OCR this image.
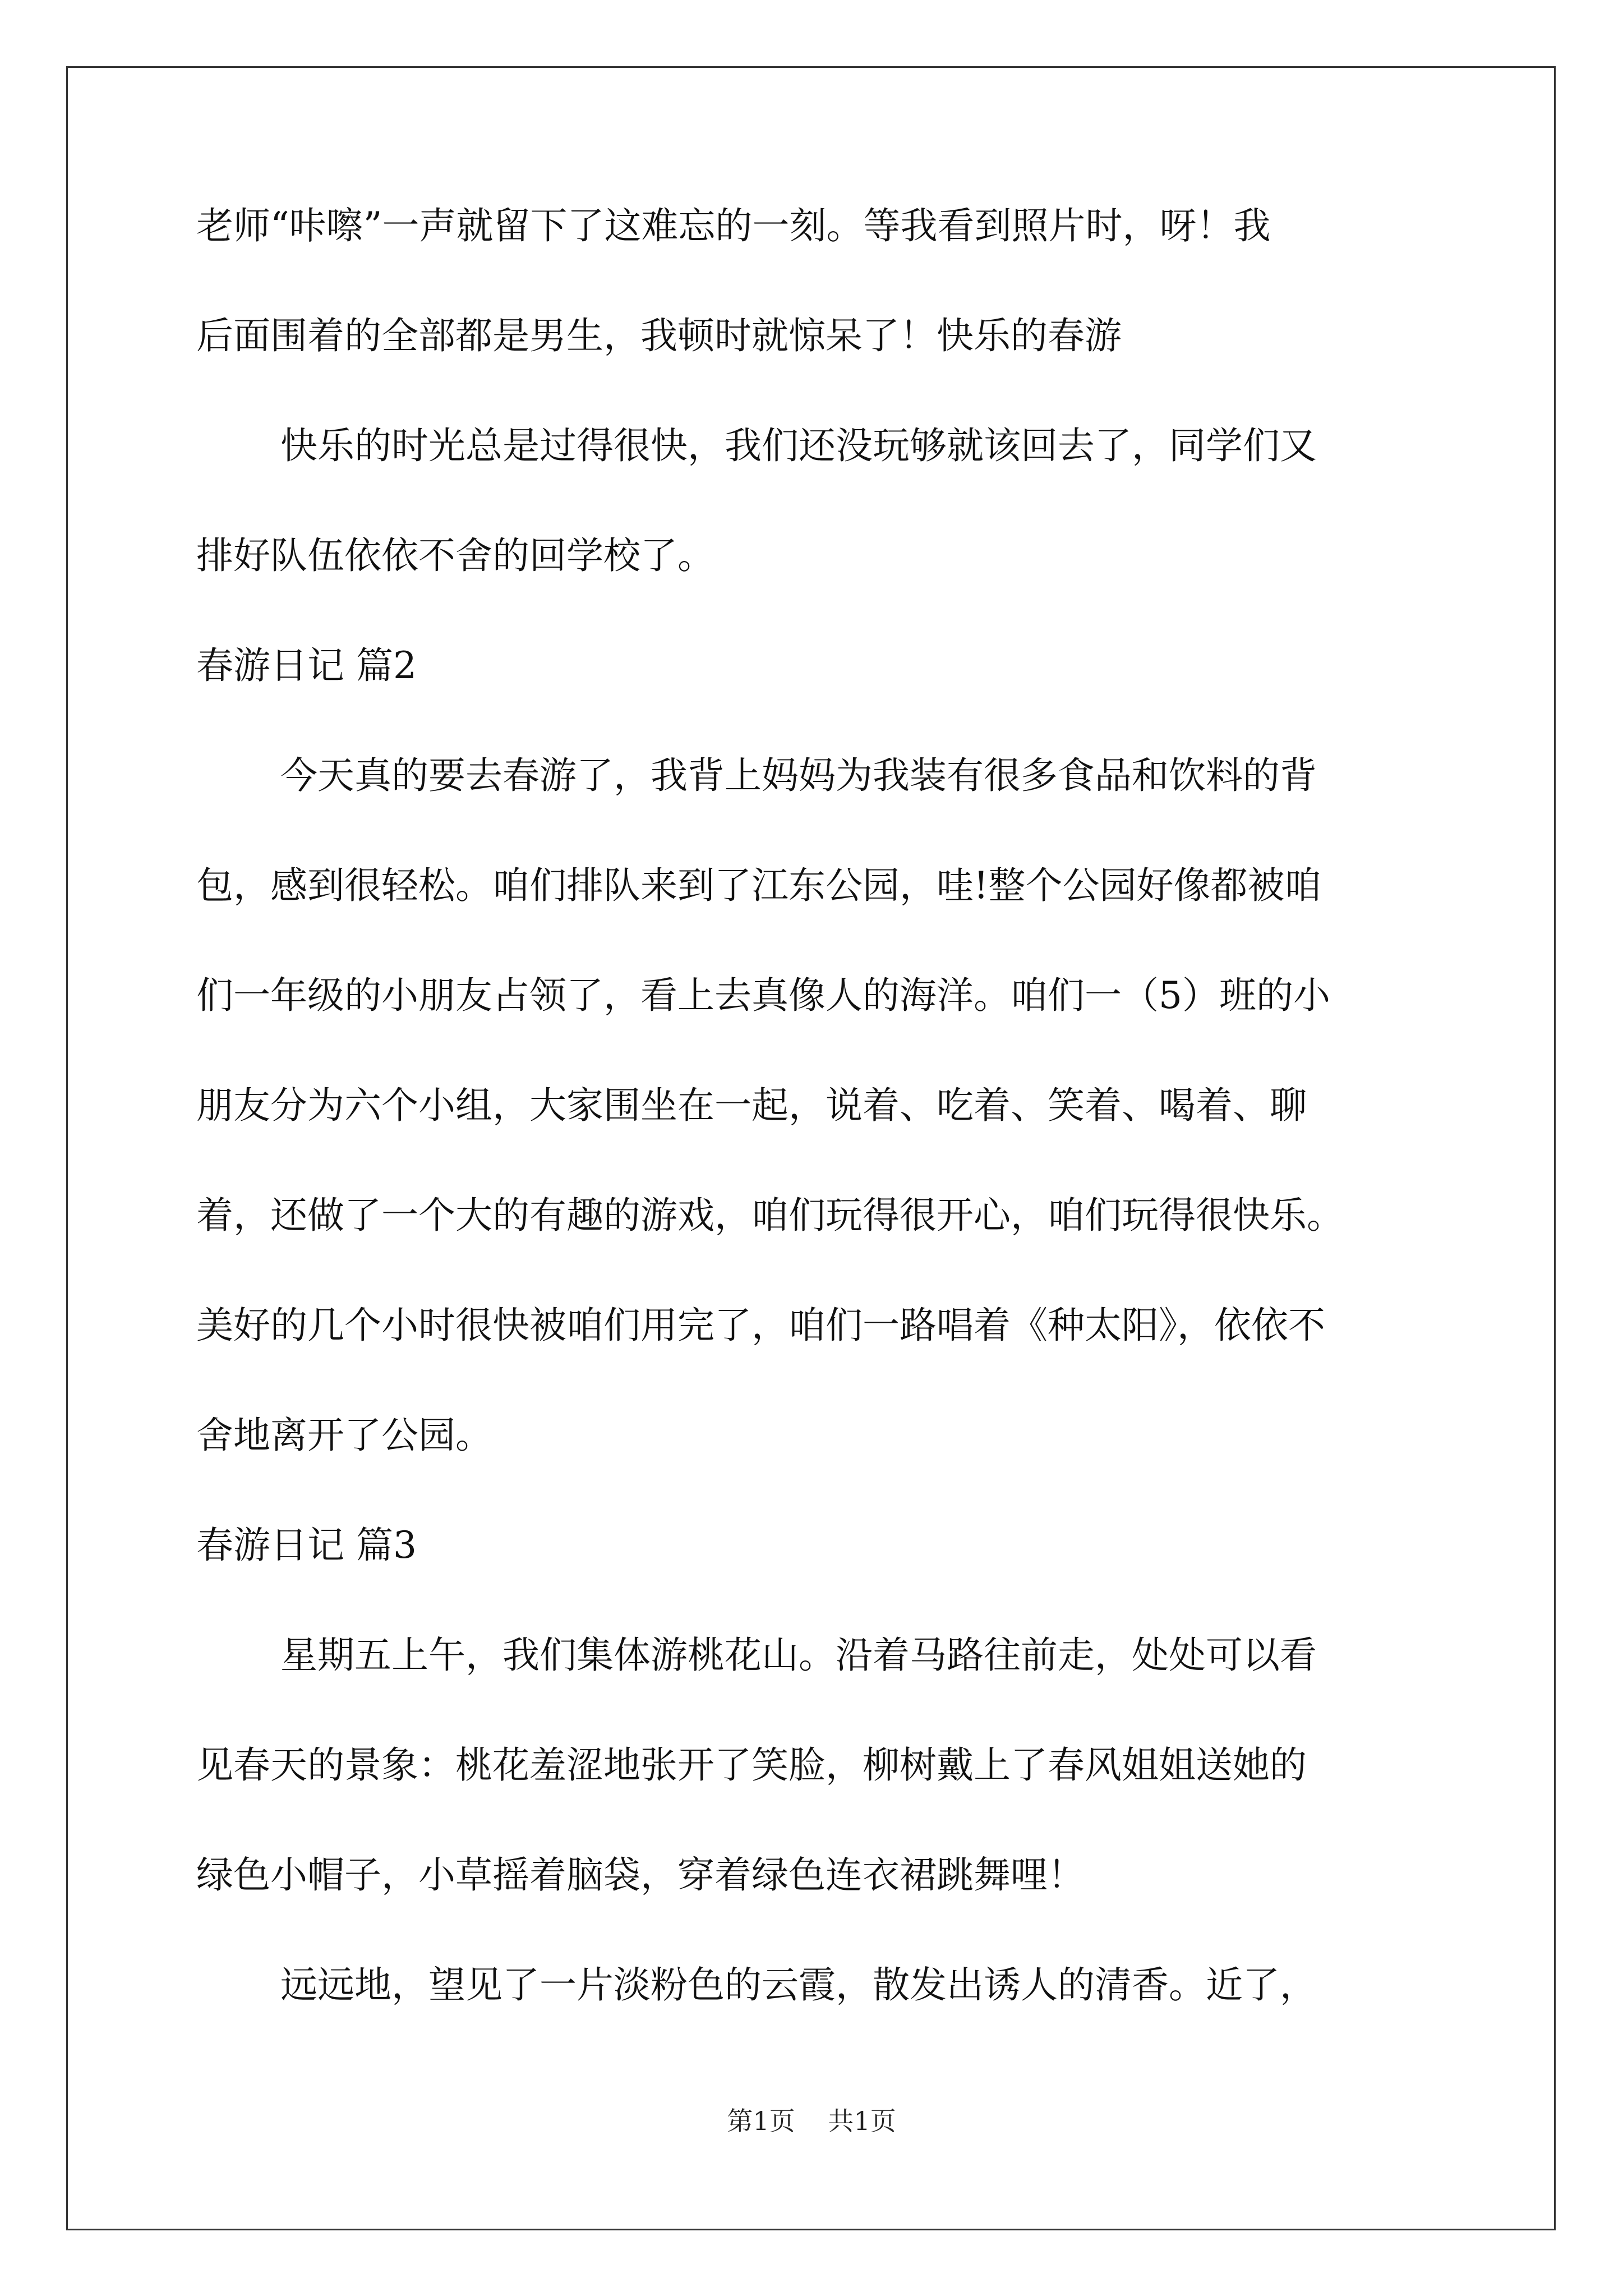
老师“咔嚓”一声就留下了这难忘的一刻。等我看到照片时，呀！我
后面围着的全部都是男生，我顿时就惊呆了！快乐的春游
快乐的时光总是过得很快，我们还没玩够就该回去了，同学们又
排好队伍依依不舍的回学校了。
春游日记 篇2
今天真的要去春游了，我背上妈妈为我装有很多食品和饮料的背
包，感到很轻松。咱们排队来到了江东公园，哇!整个公园好像都被咱
们一年级的小朋友占领了，看上去真像人的海洋。咱们一（5）班的小
朋友分为六个小组，大家围坐在一起，说着、吃着、笑着、喝着、聊
着，还做了一个大的有趣的游戏，咱们玩得很开心，咱们玩得很快乐。
美好的几个小时很快被咱们用完了，咱们一路唱着《种太阳》，依依不
舍地离开了公园。
春游日记 篇3
星期五上午，我们集体游桃花山。沿着马路往前走，处处可以看
见春天的景象：桃花羞涩地张开了笑脸，柳树戴上了春风姐姐送她的
绿色小帽子，小草摇着脑袋，穿着绿色连衣裙跳舞哩！
远远地，望见了一片淡粉色的云霞，散发出诱人的清香。近了，
第1页 共1页
